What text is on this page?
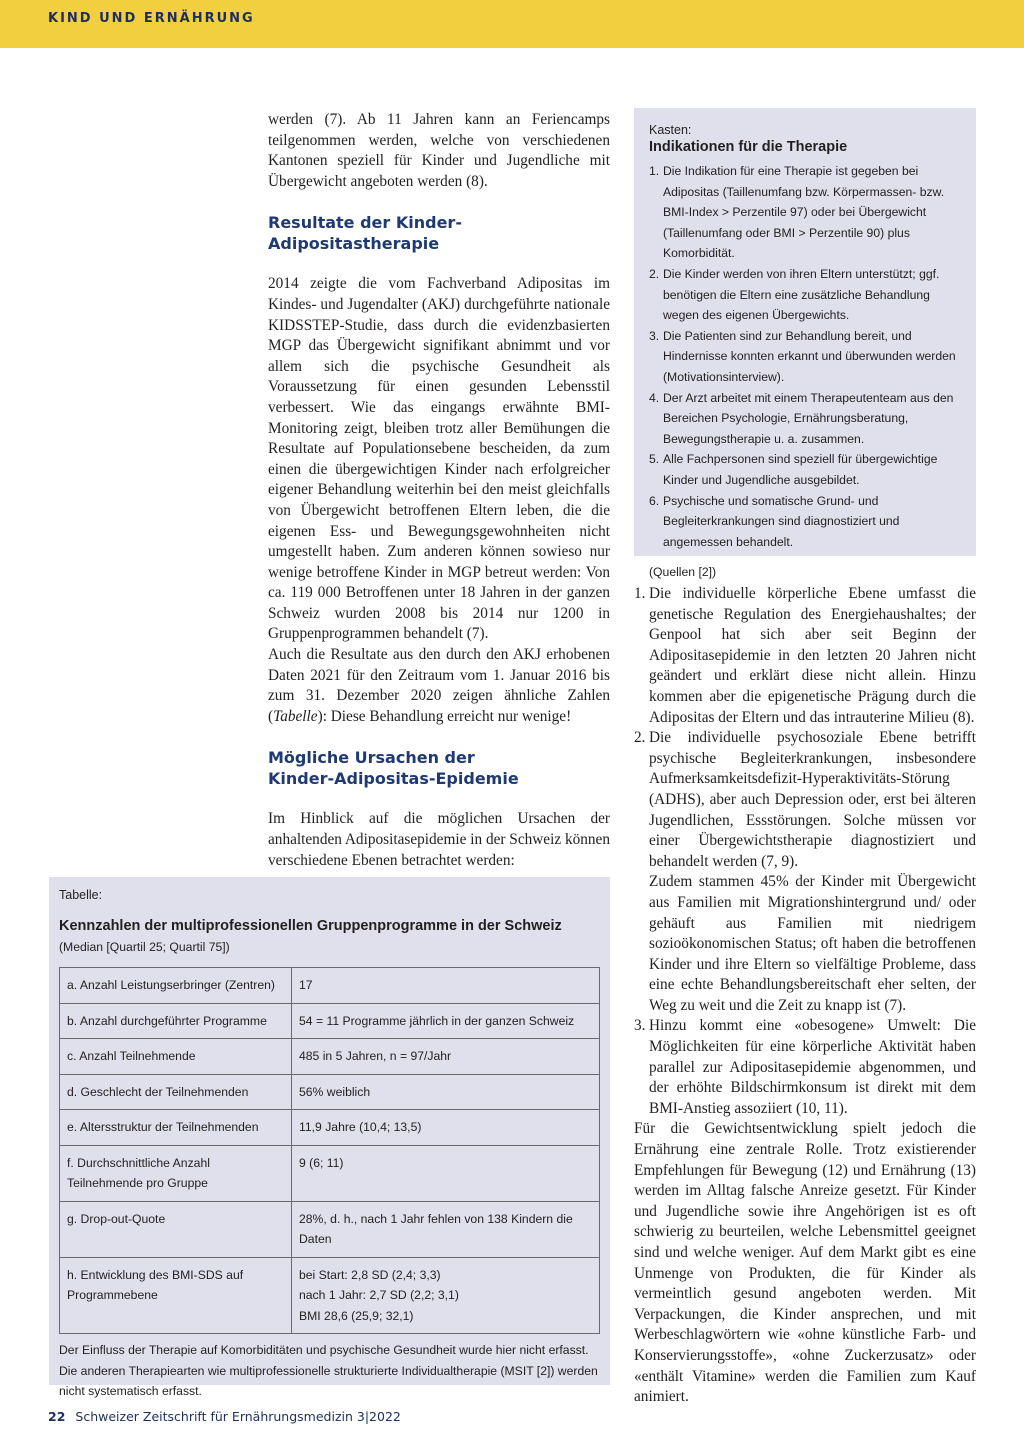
KIND UND ERNÄHRUNG

werden (7). Ab 11 Jahren kann an Feriencamps teilgenommen werden, welche von verschiedenen Kantonen speziell für Kinder und Jugendliche mit Übergewicht angeboten werden (8).

Resultate der Kinder-Adipositastherapie

2014 zeigte die vom Fachverband Adipositas im Kindes- und Jugendalter (AKJ) durchgeführte nationale KIDSSTEP-Studie, dass durch die evidenzbasierten MGP das Übergewicht signifikant abnimmt und vor allem sich die psychische Gesundheit als Voraussetzung für einen gesunden Lebensstil verbessert. Wie das eingangs erwähnte BMI-Monitoring zeigt, bleiben trotz aller Bemühungen die Resultate auf Populationsebene bescheiden, da zum einen die übergewichtigen Kinder nach erfolgreicher eigener Behandlung weiterhin bei den meist gleichfalls von Übergewicht betroffenen Eltern leben, die die eigenen Ess- und Bewegungsgewohnheiten nicht umgestellt haben. Zum anderen können sowieso nur wenige betroffene Kinder in MGP betreut werden: Von ca. 119 000 Betroffenen unter 18 Jahren in der ganzen Schweiz wurden 2008 bis 2014 nur 1200 in Gruppenprogrammen behandelt (7).

Auch die Resultate aus den durch den AKJ erhobenen Daten 2021 für den Zeitraum vom 1. Januar 2016 bis zum 31. Dezember 2020 zeigen ähnliche Zahlen (Tabelle): Diese Behandlung erreicht nur wenige!

Mögliche Ursachen der
Kinder-Adipositas-Epidemie

Im Hinblick auf die möglichen Ursachen der anhaltenden Adipositasepidemie in der Schweiz können verschiedene Ebenen betrachtet werden:

Kasten:
Indikationen für die Therapie
1. Die Indikation für eine Therapie ist gegeben bei Adipositas (Taillenumfang bzw. Körpermassen- bzw. BMI-Index > Perzentile 97) oder bei Übergewicht (Taillenumfang oder BMI > Perzentile 90) plus Komorbidität.
2. Die Kinder werden von ihren Eltern unterstützt; ggf. benötigen die Eltern eine zusätzliche Behandlung wegen des eigenen Übergewichts.
3. Die Patienten sind zur Behandlung bereit, und Hindernisse konnten erkannt und überwunden werden (Motivationsinterview).
4. Der Arzt arbeitet mit einem Therapeutenteam aus den Bereichen Psychologie, Ernährungsberatung, Bewegungstherapie u. a. zusammen.
5. Alle Fachpersonen sind speziell für übergewichtige Kinder und Jugendliche ausgebildet.
6. Psychische und somatische Grund- und Begleiterkrankungen sind diagnostiziert und angemessen behandelt.
(Quellen [2])
Tabelle:
Kennzahlen der multiprofessionellen Gruppenprogramme in der Schweiz
(Median [Quartil 25; Quartil 75])
a. Anzahl Leistungserbringer (Zentren)	17
b. Anzahl durchgeführter Programme	54 = 11 Programme jährlich in der ganzen Schweiz
c. Anzahl Teilnehmende	485 in 5 Jahren, n = 97/Jahr
d. Geschlecht der Teilnehmenden	56% weiblich
e. Altersstruktur der Teilnehmenden	11,9 Jahre (10,4; 13,5)
f. Durchschnittliche Anzahl Teilnehmende pro Gruppe	9 (6; 11)
g. Drop-out-Quote	28%, d. h., nach 1 Jahr fehlen von 138 Kindern die Daten
h. Entwicklung des BMI-SDS auf Programmebene	bei Start: 2,8 SD (2,4; 3,3)
nach 1 Jahr: 2,7 SD (2,2; 3,1)
BMI 28,6 (25,9; 32,1)
Der Einfluss der Therapie auf Komorbiditäten und psychische Gesundheit wurde hier nicht erfasst.
Die anderen Therapiearten wie multiprofessionelle strukturierte Individualtherapie (MSIT [2]) werden nicht systematisch erfasst.
1. Die individuelle körperliche Ebene umfasst die genetische Regulation des Energiehaushaltes; der Genpool hat sich aber seit Beginn der Adipositasepidemie in den letzten 20 Jahren nicht geändert und erklärt diese nicht allein. Hinzu kommen aber die epigenetische Prägung durch die Adipositas der Eltern und das intrauterine Milieu (8).
2. Die individuelle psychosoziale Ebene betrifft psychische Begleiterkrankungen, insbesondere Aufmerksamkeitsdefizit-Hyperaktivitäts-Störung (ADHS), aber auch Depression oder, erst bei älteren Jugendlichen, Essstörungen. Solche müssen vor einer Übergewichtstherapie diagnostiziert und behandelt werden (7, 9).
Zudem stammen 45% der Kinder mit Übergewicht aus Familien mit Migrationshintergrund und/ oder gehäuft aus Familien mit niedrigem sozioökonomischen Status; oft haben die betroffenen Kinder und ihre Eltern so vielfältige Probleme, dass eine echte Behandlungsbereitschaft eher selten, der Weg zu weit und die Zeit zu knapp ist (7).
3. Hinzu kommt eine «obesogene» Umwelt: Die Möglichkeiten für eine körperliche Aktivität haben parallel zur Adipositasepidemie abgenommen, und der erhöhte Bildschirmkonsum ist direkt mit dem BMI-Anstieg assoziiert (10, 11).

Für die Gewichtsentwicklung spielt jedoch die Ernährung eine zentrale Rolle. Trotz existierender Empfehlungen für Bewegung (12) und Ernährung (13) werden im Alltag falsche Anreize gesetzt. Für Kinder und Jugendliche sowie ihre Angehörigen ist es oft schwierig zu beurteilen, welche Lebensmittel geeignet sind und welche weniger. Auf dem Markt gibt es eine Unmenge von Produkten, die für Kinder als vermeintlich gesund angeboten werden. Mit Verpackungen, die Kinder ansprechen, und mit Werbeschlagwörtern wie «ohne künstliche Farb- und Konservierungsstoffe», «ohne Zuckerzusatz» oder «enthält Vitamine» werden die Familien zum Kauf animiert.

22 Schweizer Zeitschrift für Ernährungsmedizin 3|2022
